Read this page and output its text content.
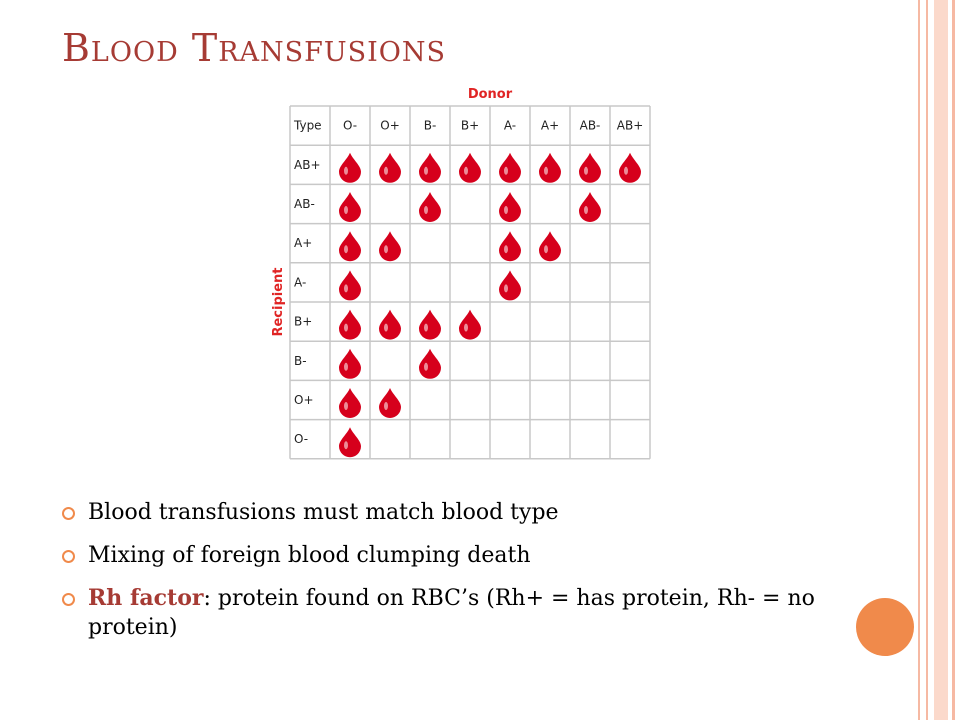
Blood Transfusions
Donor
Recipient
Type O- O+ B- B+ A- A+ AB- AB+
AB+
AB-
A+
A-
B+
B-
O+
O-
Blood transfusions must match blood type
Mixing of foreign blood clumping death
Rh factor: protein found on RBC’s (Rh+ = has protein, Rh- = no protein)
